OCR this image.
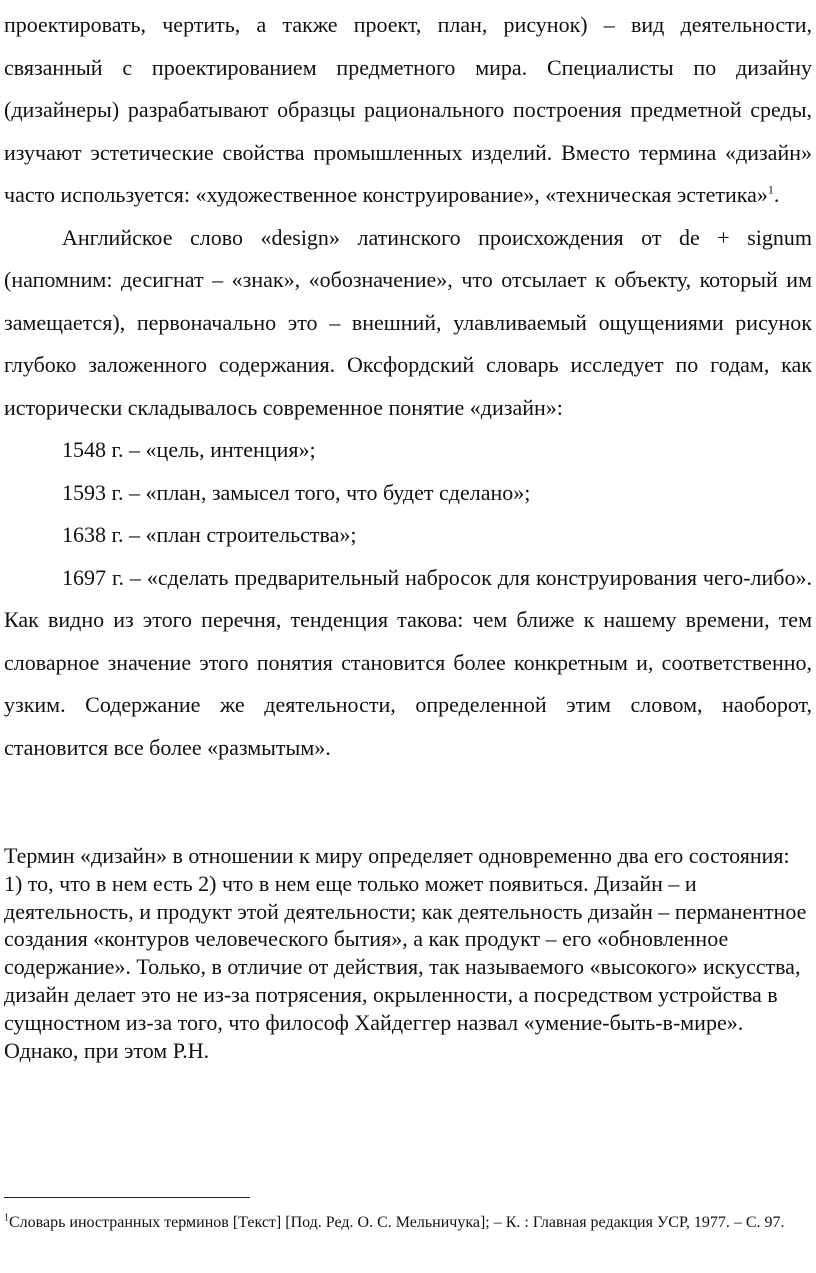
проектировать, чертить, а также проект, план, рисунок) – вид деятельности, связанный с проектированием предметного мира. Специалисты по дизайну (дизайнеры) разрабатывают образцы рационального построения предметной среды, изучают эстетические свойства промышленных изделий. Вместо термина «дизайн» часто используется: «художественное конструирование», «техническая эстетика»$^1$.

Английское слово «design» латинского происхождения от de + signum (напомним: десигнат – «знак», «обозначение», что отсылает к объекту, который им замещается), первоначально это – внешний, улавливаемый ощущениями рисунок глубоко заложенного содержания. Оксфордский словарь исследует по годам, как исторически складывалось современное понятие «дизайн»:

1548 г. – «цель, интенция»;

1593 г. – «план, замысел того, что будет сделано»;

1638 г. – «план строительства»;

1697 г. – «сделать предварительный набросок для конструирования чего-либо». Как видно из этого перечня, тенденция такова: чем ближе к нашему времени, тем словарное значение этого понятия становится более конкретным и, соответственно, узким. Содержание же деятельности, определенной этим словом, наоборот, становится все более «размытым».

Термин «дизайн» в отношении к миру определяет одновременно два его состояния: 1) то, что в нем есть 2) что в нем еще только может появиться. Дизайн – и деятельность, и продукт этой деятельности; как деятельность дизайн – перманентное создания «контуров человеческого бытия», а как продукт – его «обновленное содержание». Только, в отличие от действия, так называемого «высокого» искусства, дизайн делает это не из-за потрясения, окрыленности, а посредством устройства в сущностном из-за того, что философ Хайдеггер назвал «умение-быть-в-мире». Однако, при этом Р.Н.

$^1$Словарь иностранных терминов [Текст] [Под. Ред. О. С. Мельничука]; – К. : Главная редакция УСР, 1977. – С. 97.
